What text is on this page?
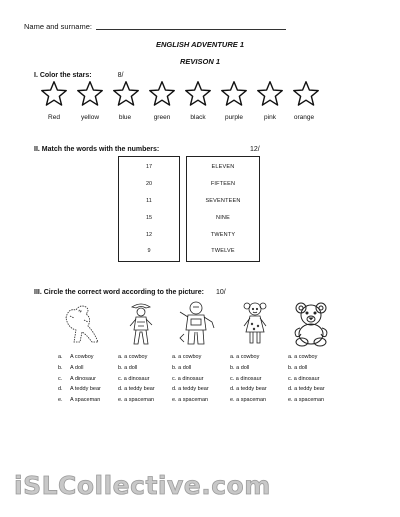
Name and surname:
ENGLISH ADVENTURE 1
REVISON 1
I. Color the stars:	8/
Red	yellow	blue	green	black	purple	pink	orange
II. Match the words with the numbers:	12/
17
20
11
15
12
9
ELEVEN
FIFTEEN
SEVENTEEN
NINE
TWENTY
TWELVE
III. Circle the correct word according to the picture: 10/
a. A cowboy
b. A doll
c. A dinosaur
d. A teddy bear
e. A spaceman
a. a cowboy
b. a doll
c. a dinosaur
d. a teddy bear
e. a spaceman
a. a cowboy
b. a doll
c. a dinosaur
d. a teddy bear
e. a spaceman
a. a cowboy
b. a doll
c. a dinosaur
d. a teddy bear
e. a spaceman
a. a cowboy
b. a doll
c. a dinosaur
d. a teddy bear
e. a spaceman
iSLCollective.com
